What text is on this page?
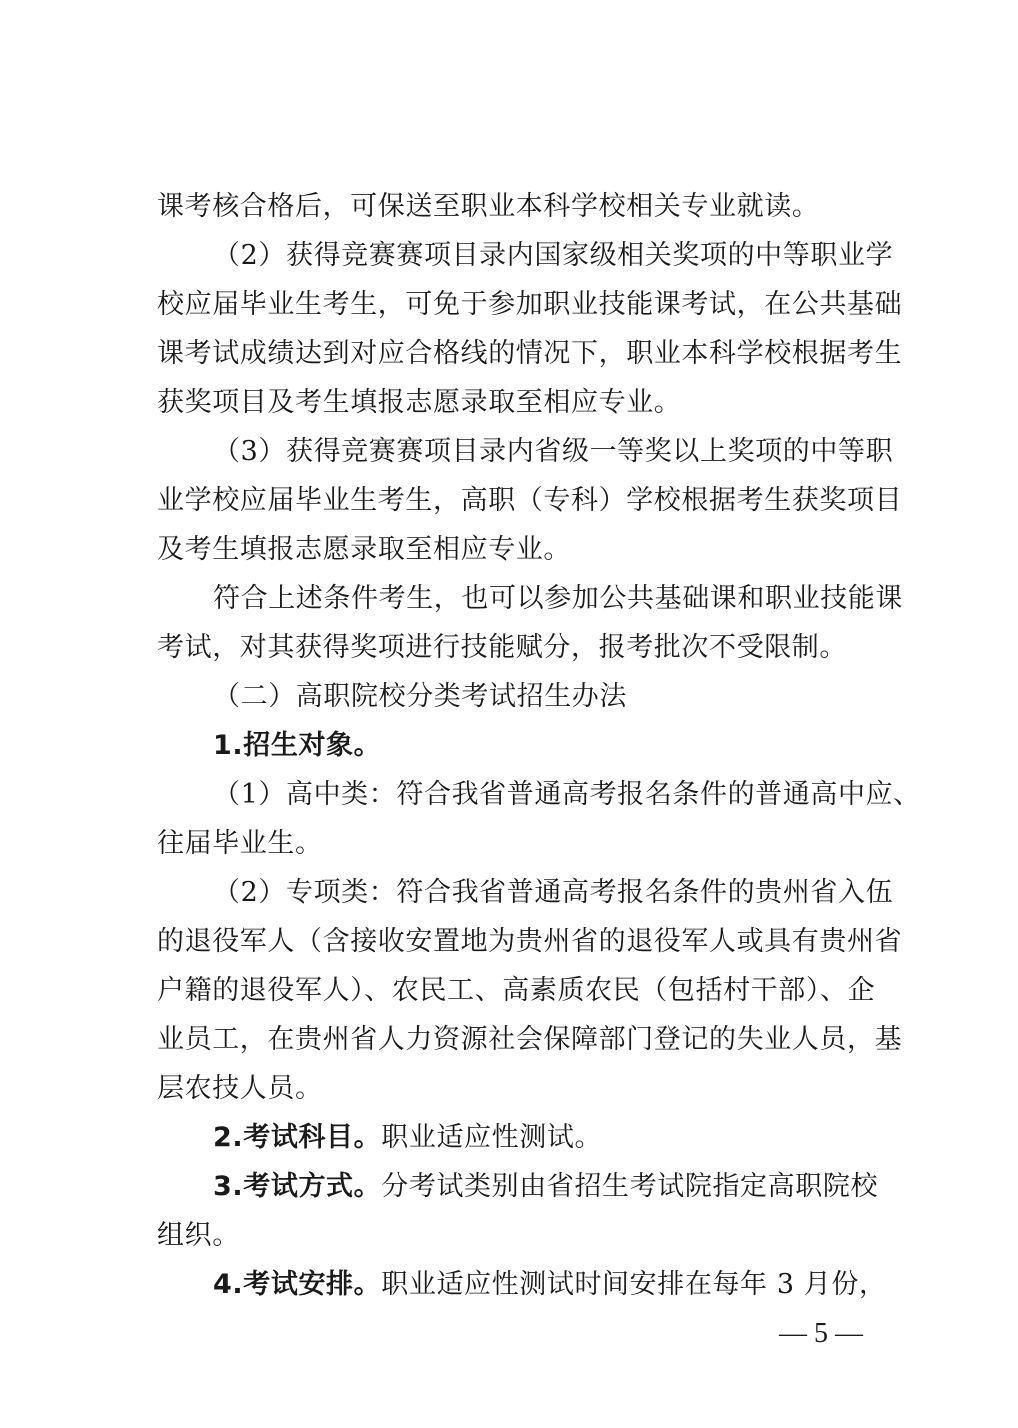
课考核合格后，可保送至职业本科学校相关专业就读。
（2）获得竞赛赛项目录内国家级相关奖项的中等职业学
校应届毕业生考生，可免于参加职业技能课考试，在公共基础
课考试成绩达到对应合格线的情况下，职业本科学校根据考生
获奖项目及考生填报志愿录取至相应专业。
（3）获得竞赛赛项目录内省级一等奖以上奖项的中等职
业学校应届毕业生考生，高职（专科）学校根据考生获奖项目
及考生填报志愿录取至相应专业。
符合上述条件考生，也可以参加公共基础课和职业技能课
考试，对其获得奖项进行技能赋分，报考批次不受限制。
（二）高职院校分类考试招生办法
1.招生对象。
（1）高中类：符合我省普通高考报名条件的普通高中应、
往届毕业生。
（2）专项类：符合我省普通高考报名条件的贵州省入伍
的退役军人（含接收安置地为贵州省的退役军人或具有贵州省
户籍的退役军人）、农民工、高素质农民（包括村干部）、企
业员工，在贵州省人力资源社会保障部门登记的失业人员，基
层农技人员。
2.考试科目。职业适应性测试。
3.考试方式。分考试类别由省招生考试院指定高职院校
组织。
4.考试安排。职业适应性测试时间安排在每年 3 月份，
— 5 —
